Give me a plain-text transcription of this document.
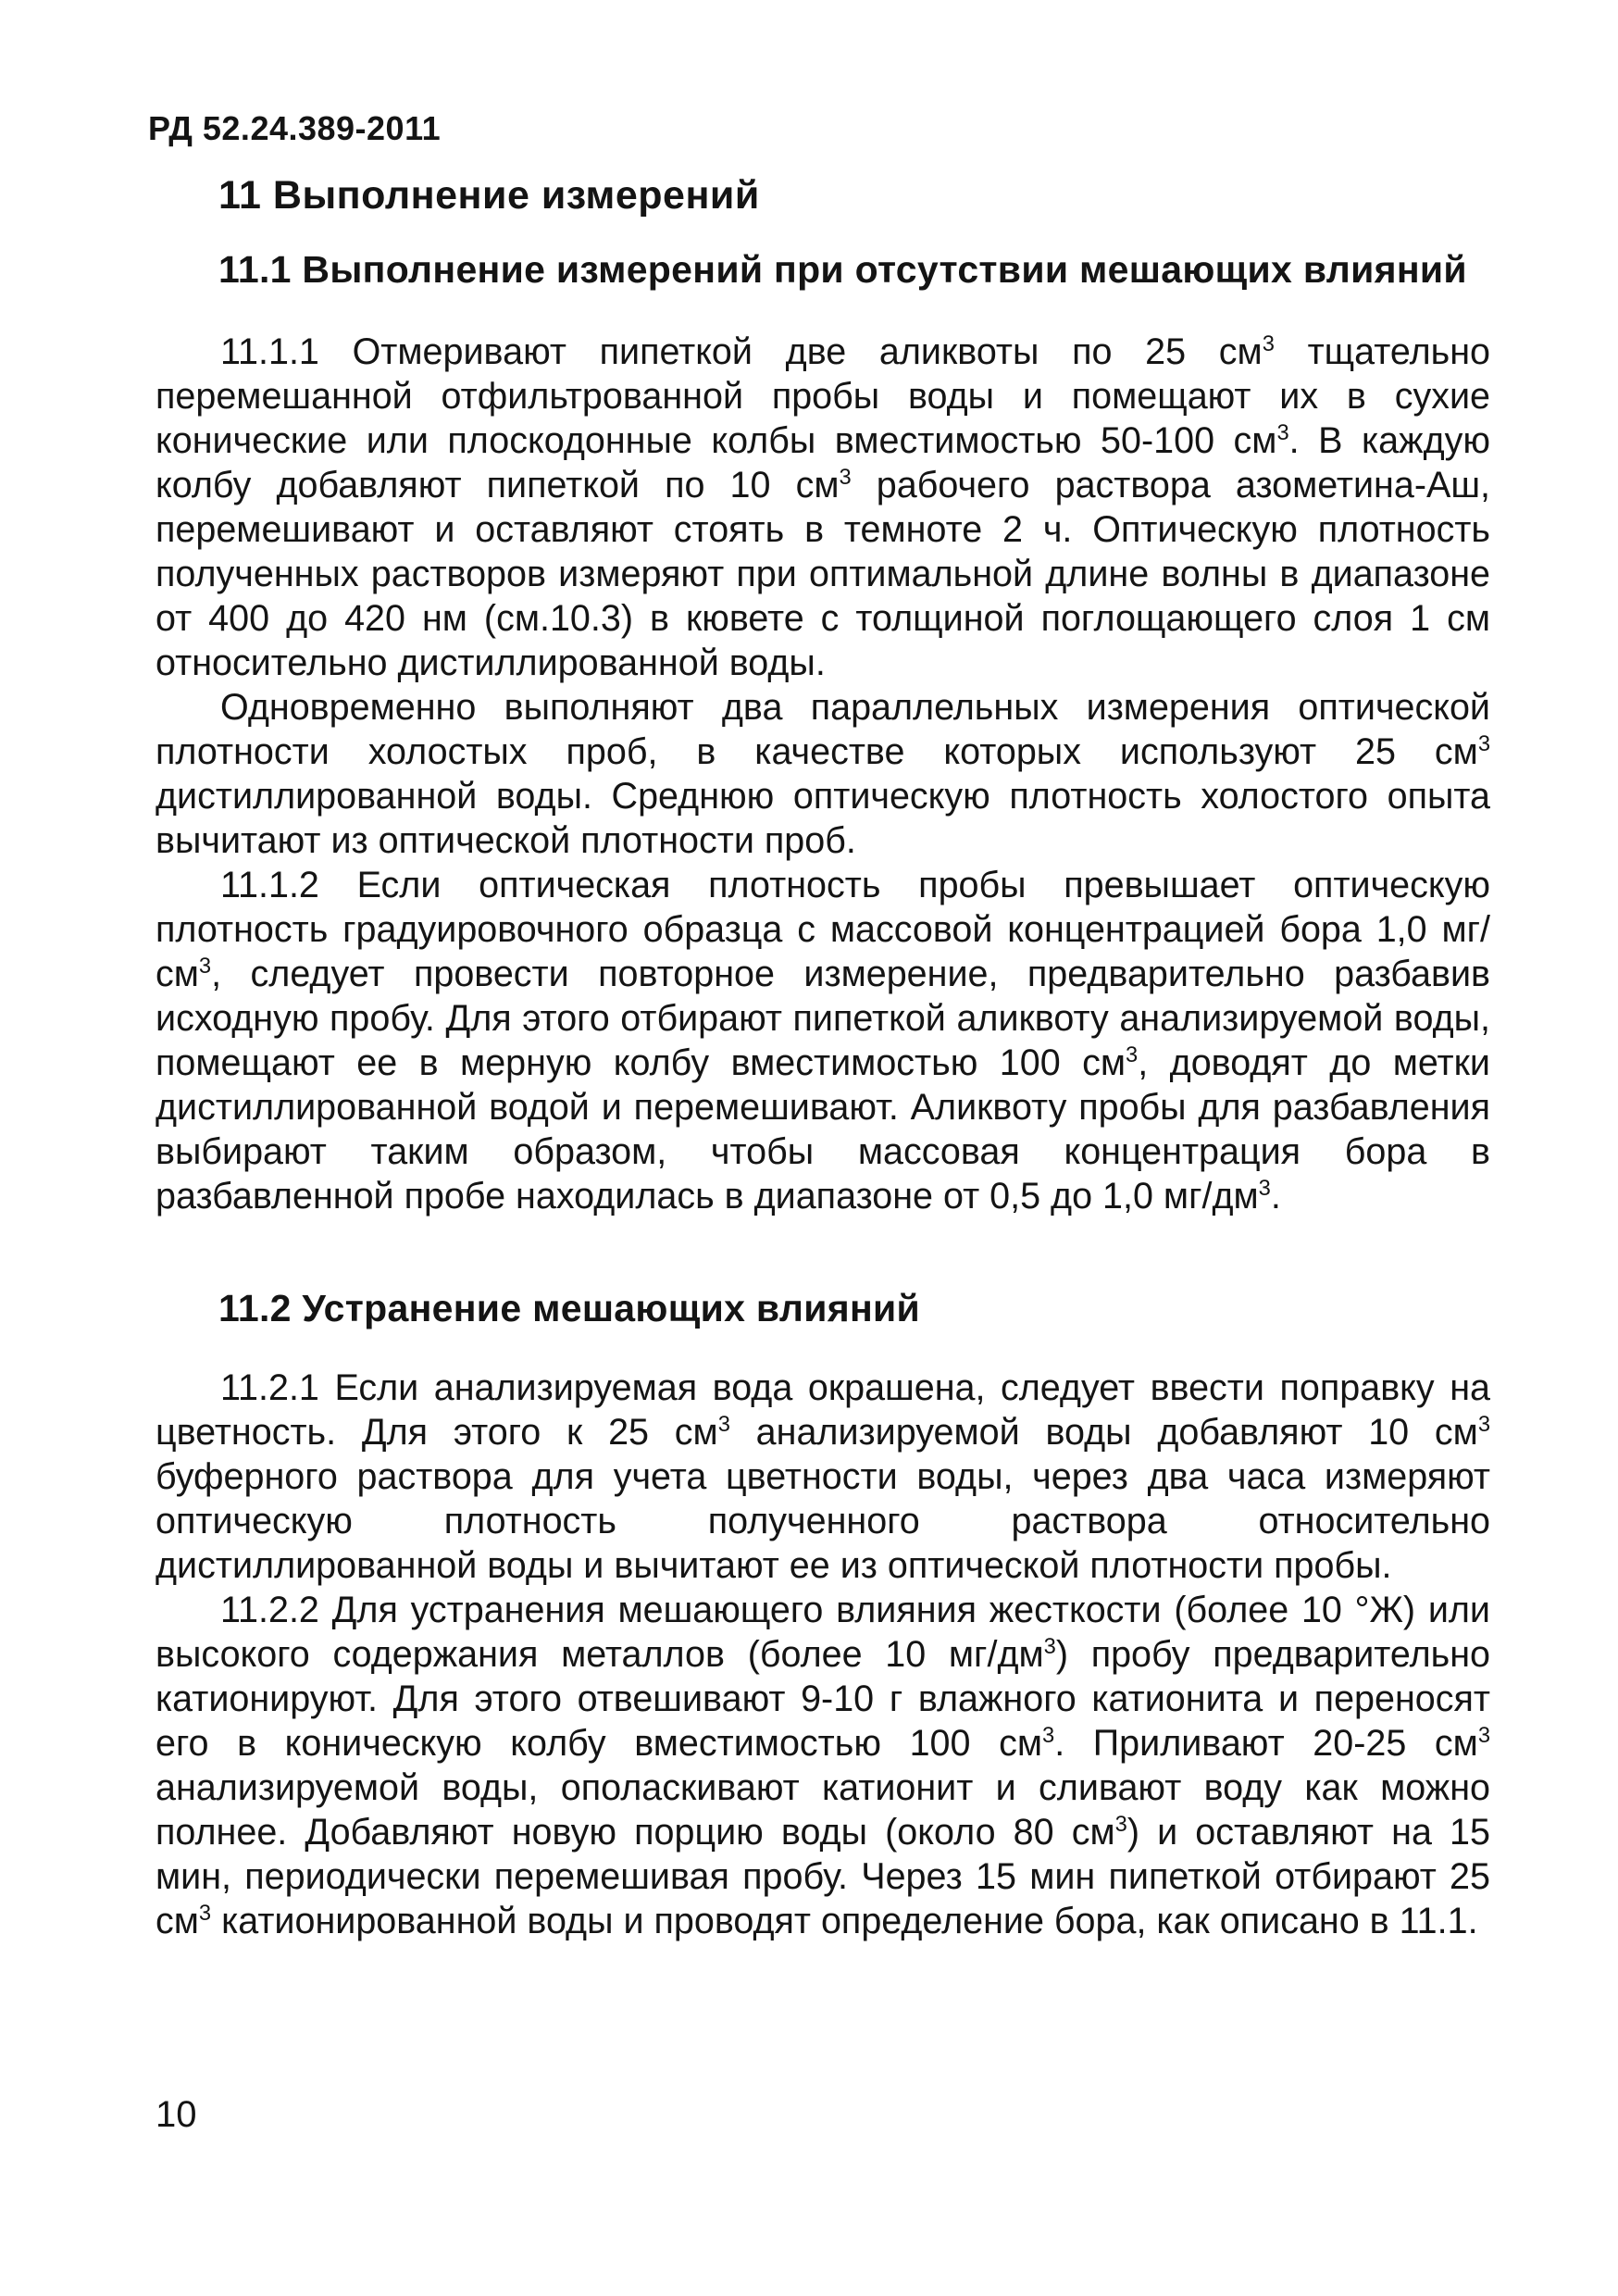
РД 52.24.389-2011
11 Выполнение измерений
11.1 Выполнение измерений при отсутствии мешающих влияний

11.1.1 Отмеривают пипеткой две аликвоты по 25 $см^3$ тщательно перемешанной отфильтрованной пробы воды и помещают их в сухие конические или плоскодонные колбы вместимостью 50-100 $см^3$. В каждую колбу добавляют пипеткой по 10 $см^3$ рабочего раствора азометина-Аш, перемешивают и оставляют стоять в темноте 2 ч. Оптическую плотность полученных растворов измеряют при оптимальной длине волны в диапазоне от 400 до 420 нм (см.10.3) в кювете с толщиной поглощающего слоя 1 см относительно дистиллированной воды.

Одновременно выполняют два параллельных измерения оптической плотности холостых проб, в качестве которых используют 25 $см^3$ дистиллированной воды. Среднюю оптическую плотность холостого опыта вычитают из оптической плотности проб.

11.1.2 Если оптическая плотность пробы превышает оптическую плотность градуировочного образца с массовой концентрацией бора 1,0 $мг/см^3$, следует провести повторное измерение, предварительно разбавив исходную пробу. Для этого отбирают пипеткой аликвоту анализируемой воды, помещают ее в мерную колбу вместимостью 100 $см^3$, доводят до метки дистиллированной водой и перемешивают. Аликвоту пробы для разбавления выбирают таким образом, чтобы массовая концентрация бора в разбавленной пробе находилась в диапазоне от 0,5 до 1,0 $мг/дм^3$.

11.2 Устранение мешающих влияний

11.2.1 Если анализируемая вода окрашена, следует ввести поправку на цветность. Для этого к 25 $см^3$ анализируемой воды добавляют 10 $см^3$ буферного раствора для учета цветности воды, через два часа измеряют оптическую плотность полученного раствора относительно дистиллированной воды и вычитают ее из оптической плотности пробы.

11.2.2 Для устранения мешающего влияния жесткости (более 10 °Ж) или высокого содержания металлов (более 10 $мг/дм^3$) пробу предварительно катионируют. Для этого отвешивают 9-10 г влажного катионита и переносят его в коническую колбу вместимостью 100 $см^3$. Приливают 20-25 $см^3$ анализируемой воды, ополаскивают катионит и сливают воду как можно полнее. Добавляют новую порцию воды (около 80 $см^3$) и оставляют на 15 мин, периодически перемешивая пробу. Через 15 мин пипеткой отбирают 25 $см^3$ катионированной воды и проводят определение бора, как описано в 11.1.

10
